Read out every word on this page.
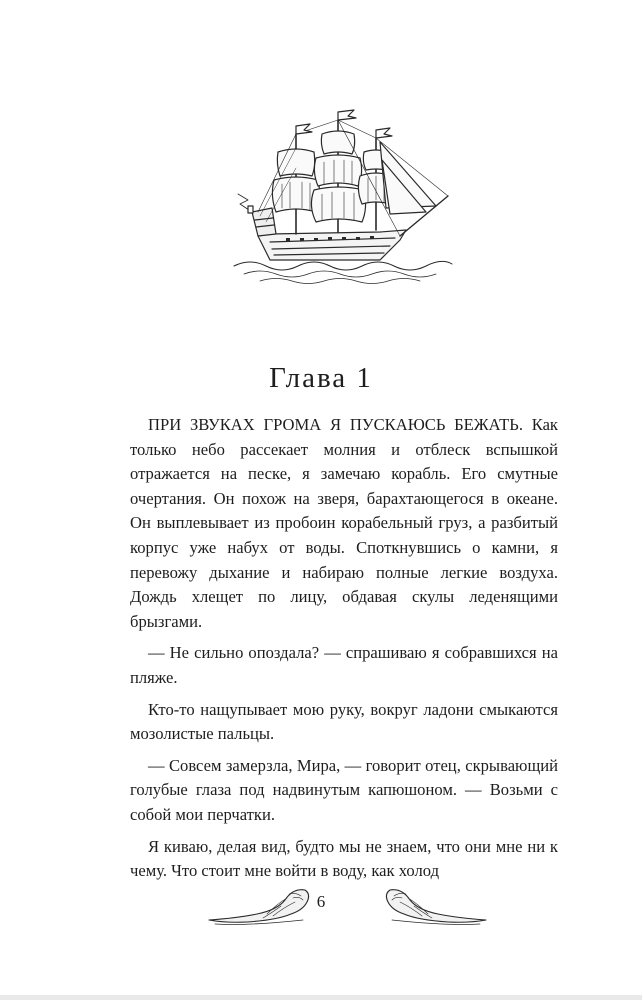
Глава 1

ПРИ ЗВУКАХ ГРОМА Я ПУСКАЮСЬ БЕЖАТЬ. Как только небо рассекает молния и отблеск вспышкой отражается на песке, я замечаю корабль. Его смутные очертания. Он похож на зверя, барахтающегося в океане. Он выплевывает из пробоин корабельный груз, а разбитый корпус уже набух от воды. Споткнувшись о камни, я перевожу дыхание и набираю полные легкие воздуха. Дождь хлещет по лицу, обдавая скулы леденящими брызгами.

— Не сильно опоздала? — спрашиваю я собравшихся на пляже.

Кто-то нащупывает мою руку, вокруг ладони смыкаются мозолистые пальцы.

— Совсем замерзла, Мира, — говорит отец, скрывающий голубые глаза под надвинутым капюшоном. — Возьми с собой мои перчатки.

Я киваю, делая вид, будто мы не знаем, что они мне ни к чему. Что стоит мне войти в воду, как холод

6
